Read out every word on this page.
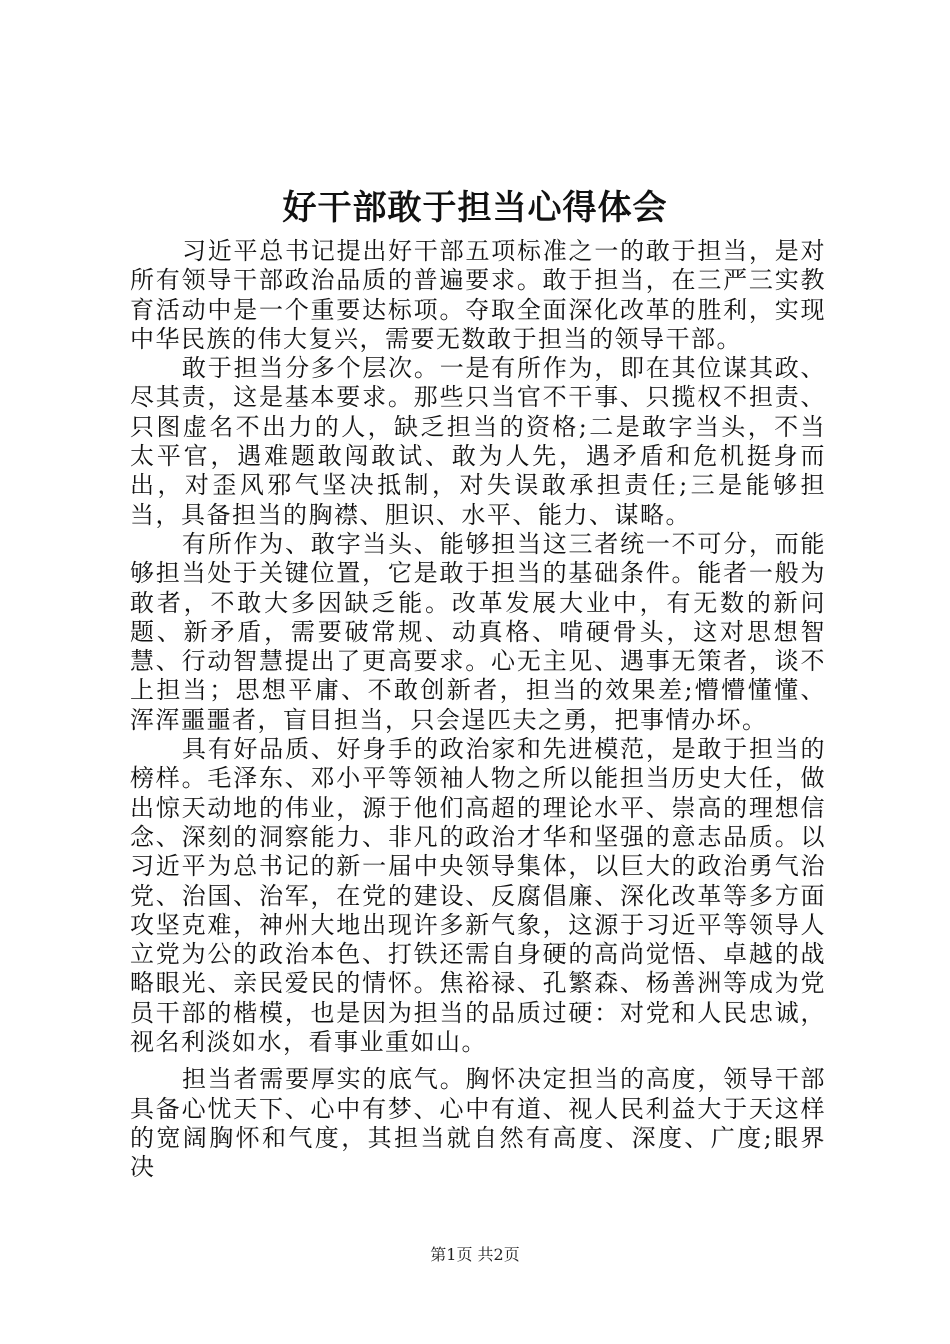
好干部敢于担当心得体会

习近平总书记提出好干部五项标准之一的敢于担当，是对所有领导干部政治品质的普遍要求。敢于担当，在三严三实教育活动中是一个重要达标项。夺取全面深化改革的胜利，实现中华民族的伟大复兴，需要无数敢于担当的领导干部。

敢于担当分多个层次。一是有所作为，即在其位谋其政、尽其责，这是基本要求。那些只当官不干事、只揽权不担责、只图虚名不出力的人，缺乏担当的资格;二是敢字当头，不当太平官，遇难题敢闯敢试、敢为人先，遇矛盾和危机挺身而出，对歪风邪气坚决抵制，对失误敢承担责任;三是能够担当，具备担当的胸襟、胆识、水平、能力、谋略。

有所作为、敢字当头、能够担当这三者统一不可分，而能够担当处于关键位置，它是敢于担当的基础条件。能者一般为敢者，不敢大多因缺乏能。改革发展大业中，有无数的新问题、新矛盾，需要破常规、动真格、啃硬骨头，这对思想智慧、行动智慧提出了更高要求。心无主见、遇事无策者，谈不上担当；思想平庸、不敢创新者，担当的效果差;懵懵懂懂、浑浑噩噩者，盲目担当，只会逞匹夫之勇，把事情办坏。

具有好品质、好身手的政治家和先进模范，是敢于担当的榜样。毛泽东、邓小平等领袖人物之所以能担当历史大任，做出惊天动地的伟业，源于他们高超的理论水平、崇高的理想信念、深刻的洞察能力、非凡的政治才华和坚强的意志品质。以习近平为总书记的新一届中央领导集体，以巨大的政治勇气治党、治国、治军，在党的建设、反腐倡廉、深化改革等多方面攻坚克难，神州大地出现许多新气象，这源于习近平等领导人立党为公的政治本色、打铁还需自身硬的高尚觉悟、卓越的战略眼光、亲民爱民的情怀。焦裕禄、孔繁森、杨善洲等成为党员干部的楷模，也是因为担当的品质过硬：对党和人民忠诚，视名利淡如水，看事业重如山。

担当者需要厚实的底气。胸怀决定担当的高度，领导干部具备心忧天下、心中有梦、心中有道、视人民利益大于天这样的宽阔胸怀和气度，其担当就自然有高度、深度、广度;眼界决

第1页 共2页
